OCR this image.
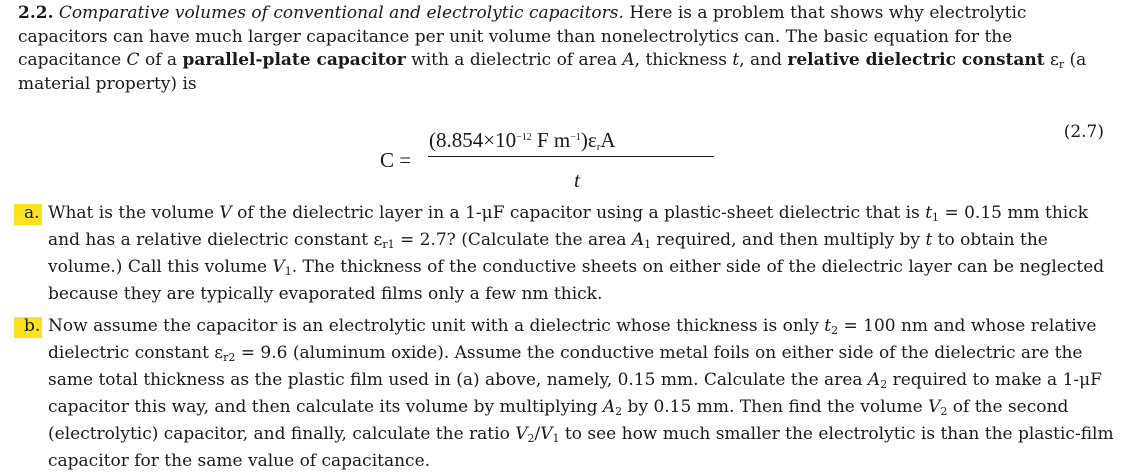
2.2. Comparative volumes of conventional and electrolytic capacitors. Here is a problem that shows why electrolytic capacitors can have much larger capacitance per unit volume than nonelectrolytics can. The basic equation for the capacitance C of a parallel-plate capacitor with a dielectric of area A, thickness t, and relative dielectric constant $\varepsilon_r$ (a material property) is

C =
($8.854\times 10^{-12}$ F $m^{-1})\varepsilon_rA$
t
(2.7)
a. What is the volume V of the dielectric layer in a 1-μF capacitor using a plastic-sheet dielectric that is $t_1 = 0.15$ mm thick and has a relative dielectric constant $\varepsilon_{r1} = 2.7$? (Calculate the area $A_1$ required, and then multiply by t to obtain the volume.) Call this volume $V_1$. The thickness of the conductive sheets on either side of the dielectric layer can be neglected because they are typically evaporated films only a few nm thick.
b. Now assume the capacitor is an electrolytic unit with a dielectric whose thickness is only $t_2 = 100$ nm and whose relative dielectric constant $\varepsilon_{r2} = 9.6$ (aluminum oxide). Assume the conductive metal foils on either side of the dielectric are the same total thickness as the plastic film used in (a) above, namely, 0.15 mm. Calculate the area $A_2$ required to make a 1-μF capacitor this way, and then calculate its volume by multiplying $A_2$ by 0.15 mm. Then find the volume $V_2$ of the second (electrolytic) capacitor, and finally, calculate the ratio $V_2/V_1$ to see how much smaller the electrolytic is than the plastic-film capacitor for the same value of capacitance.
